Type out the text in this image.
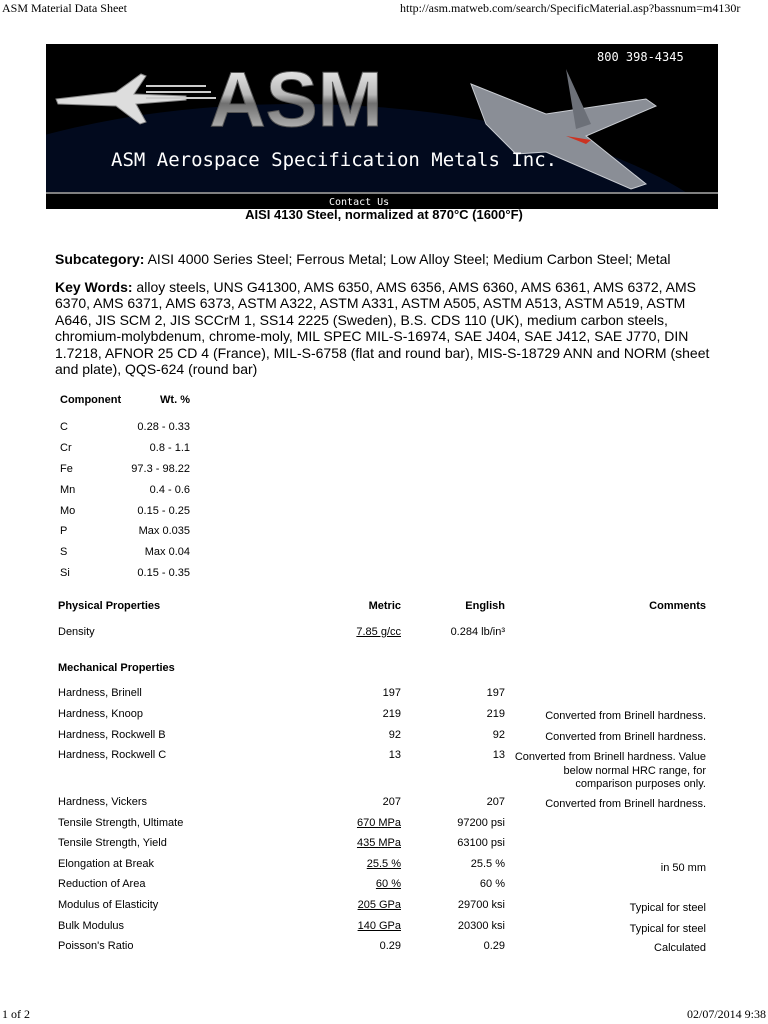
ASM Material Data Sheet	http://asm.matweb.com/search/SpecificMaterial.asp?bassnum=m4130r
ASM	800 398-4345
ASM Aerospace Specification Metals Inc.
Contact Us
AISI 4130 Steel, normalized at 870°C (1600°F)
Subcategory: AISI 4000 Series Steel; Ferrous Metal; Low Alloy Steel; Medium Carbon Steel; Metal
Key Words: alloy steels, UNS G41300, AMS 6350, AMS 6356, AMS 6360, AMS 6361, AMS 6372, AMS 6370, AMS 6371, AMS 6373, ASTM A322, ASTM A331, ASTM A505, ASTM A513, ASTM A519, ASTM A646, JIS SCM 2, JIS SCCrM 1, SS14 2225 (Sweden), B.S. CDS 110 (UK), medium carbon steels, chromium-molybdenum, chrome-moly, MIL SPEC MIL-S-16974, SAE J404, SAE J412, SAE J770, DIN 1.7218, AFNOR 25 CD 4 (France), MIL-S-6758 (flat and round bar), MIS-S-18729 ANN and NORM (sheet and plate), QQS-624 (round bar)
Component	Wt. %
C	0.28 - 0.33
Cr	0.8 - 1.1
Fe	97.3 - 98.22
Mn	0.4 - 0.6
Mo	0.15 - 0.25
P	Max 0.035
S	Max 0.04
Si	0.15 - 0.35
Physical Properties	Metric	English	Comments
Density	7.85 g/cc	0.284 lb/in³
Mechanical Properties
Hardness, Brinell	197	197
Hardness, Knoop	219	219	Converted from Brinell hardness.
Hardness, Rockwell B	92	92	Converted from Brinell hardness.
Hardness, Rockwell C	13	13 Converted from Brinell hardness. Value below normal HRC range, for comparison purposes only.
Hardness, Vickers	207	207	Converted from Brinell hardness.
Tensile Strength, Ultimate	670 MPa	97200 psi
Tensile Strength, Yield	435 MPa	63100 psi
Elongation at Break	25.5 %	25.5 %	in 50 mm
Reduction of Area	60 %	60 %
Modulus of Elasticity	205 GPa	29700 ksi	Typical for steel
Bulk Modulus	140 GPa	20300 ksi	Typical for steel
Poisson's Ratio	0.29	0.29	Calculated
1 of 2	02/07/2014 9:38
